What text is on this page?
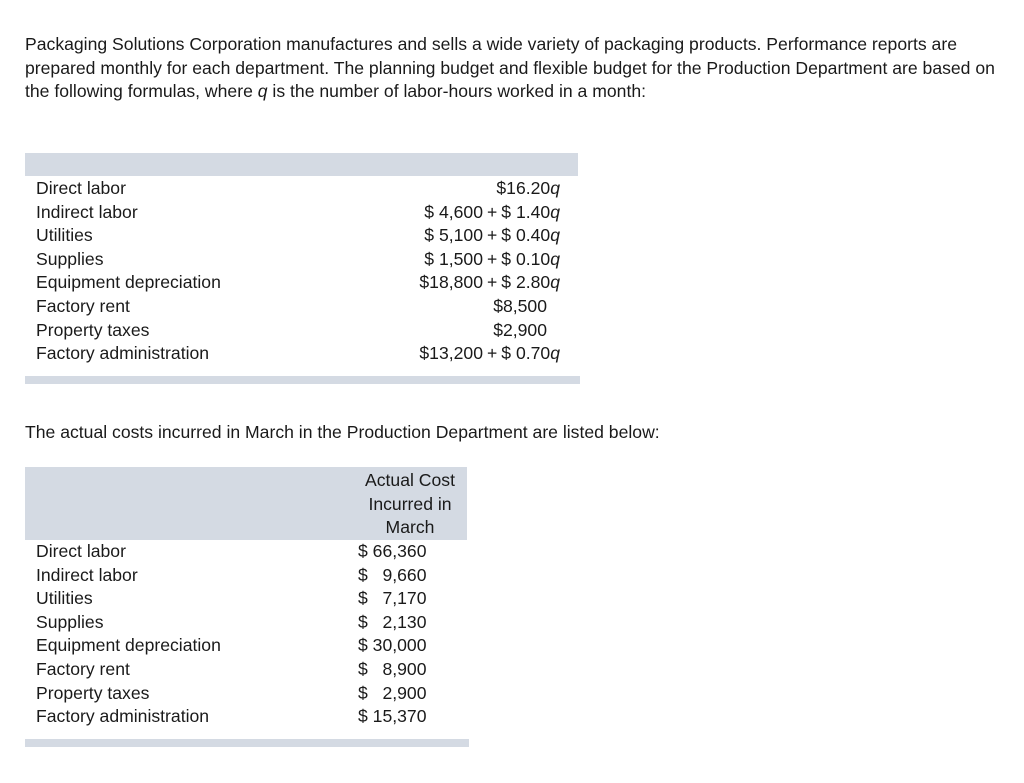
Packaging Solutions Corporation manufactures and sells a wide variety of packaging products. Performance reports are prepared monthly for each department. The planning budget and flexible budget for the Production Department are based on the following formulas, where q is the number of labor-hours worked in a month:

Direct labor
Indirect labor
Utilities
Supplies
Equipment depreciation
Factory rent
Property taxes
Factory administration
$16.20 q
$ 4,600 + $ 1.40 q
$ 5,100 + $ 0.40 q
$ 1,500 + $ 0.10 q
$18,800 + $ 2.80 q
$8,500
$2,900
$13,200 + $ 0.70 q

The actual costs incurred in March in the Production Department are listed below:

Actual Cost Incurred in March
Direct labor
Indirect labor
Utilities
Supplies
Equipment depreciation
Factory rent
Property taxes
Factory administration
$ 66,360
$   9,660
$   7,170
$   2,130
$ 30,000
$   8,900
$   2,900
$ 15,370
